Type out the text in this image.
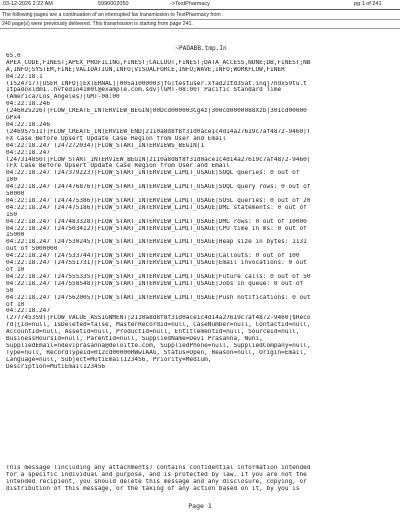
03-12-2026 2:22 AM	5990002050	->TestPharmacy	pg 1 of 241
The following pages are a continuation of an interrupted fax transmission to TestPharmacy from .
240 page(s) were previously delivered. This transmission is starting from page 241.
~PADABB.tmp.In
65.0
APEX_CODE,FINEST;APEX_PROFILING,FINEST;CALLOUT,FINEST;DATA_ACCESS,NONE;DB,FINEST;NB
A,INFO;SYSTEM,FINE;VALIDATION,INFO;VISUALFORCE,INFO;WAVE,INFO;WORKFLOW,FINER
04:22:18.1
(1524717)|USER_INFO|[EXTERNAL]|005a1000003jfG|testuser.xfad21td35at.inqj7hdx59tu.t
1tpadoxldm1..hvfed1o41m0l@example.com.sdv|(GMT-08:00) Pacific Standard Time
(America/Los_Angeles)|GMT-08:00
04:22:18.246
(246025226)|FLOW_CREATE_INTERVIEW_BEGIN|00Dcd000003Cg4z|300cd0000088Xzb|301cd00000
GPx4
04:22:18.246
(246957511)|FLOW_CREATE_INTERVIEW_END|2110a8d8f8f31d0ace1c4d14a27619c7af4872-9460|T
FX Case Before Upsert Update Case Region from User and Email
04:22:18.247 (247272034)|FLOW_START_INTERVIEWS_BEGIN|1
04:22:18.247
(247314850)|FLOW_START_INTERVIEW_BEGIN|2110a8d8f8f31d0ace1c4d14a27619c7af4872-9460|
TFX Case Before Upsert Update Case Region from User and Email
04:22:18.247 (247379223)|FLOW_START_INTERVIEW_LIMIT_USAGE|SOQL queries: 0 out of
100
04:22:18.247 (247476876)|FLOW_START_INTERVIEW_LIMIT_USAGE|SOQL query rows: 0 out of
50000
04:22:18.247 (247475386)|FLOW_START_INTERVIEW_LIMIT_USAGE|SOSL queries: 0 out of 20
04:22:18.247 (247475186)|FLOW_START_INTERVIEW_LIMIT_USAGE|DML statements: 0 out of
150
04:22:18.247 (247483328)|FLOW_START_INTERVIEW_LIMIT_USAGE|DML rows: 0 out of 10000
04:22:18.247 (247503412)|FLOW_START_INTERVIEW_LIMIT_USAGE|CPU time in ms: 0 out of
15000
04:22:18.247 (247530245)|FLOW_START_INTERVIEW_LIMIT_USAGE|Heap size in bytes: 1131
out of 5000000
04:22:18.247 (247533744)|FLOW_START_INTERVIEW_LIMIT_USAGE|Callouts: 0 out of 100
04:22:18.247 (247551731)|FLOW_START_INTERVIEW_LIMIT_USAGE|Email invocations: 0 out
of 10
04:22:18.247 (247555335)|FLOW_START_INTERVIEW_LIMIT_USAGE|Future calls: 0 out of 50
04:22:18.247 (247558548)|FLOW_START_INTERVIEW_LIMIT_USAGE|Jobs in queue: 0 out of
50
04:22:18.247 (247562005)|FLOW_START_INTERVIEW_LIMIT_USAGE|Push notifications: 0 out
of 10
04:22:18.247
(277745359)|FLOW_VALUE_ASSIGNMENT|2110a8d8f8f31d0ace1c4d14a27619c7af4872-9460|$Reco
rd|{Id=null, IsDeleted=false, MasterRecordId=null, CaseNumber=null, ContactId=null,
AccountId=null, AssetId=null, ProductId=null, EntitlementId=null, SourceId=null,
BusinessHoursId=null, ParentId=null, SuppliedName=Devi Prasanna, Nuni,
SuppliedEmail=ndeviprasanna@deloitte.com, SuppliedPhone=null, SuppliedCompany=null,
Type=null, RecordTypeId=012cd00000RWwiAAG, Status=Open, Reason=null, Origin=Email,
Language=null, Subject=MutiEmail123456, Priority=Medium,
Description=MutiEmail123456
This message (including any attachments) contains confidential information intended
for a specific individual and purpose, and is protected by law. If you are not the
intended recipient, you should delete this message and any disclosure, copying, or
distribution of this message, or the taking of any action based on it, by you is
Page 1
